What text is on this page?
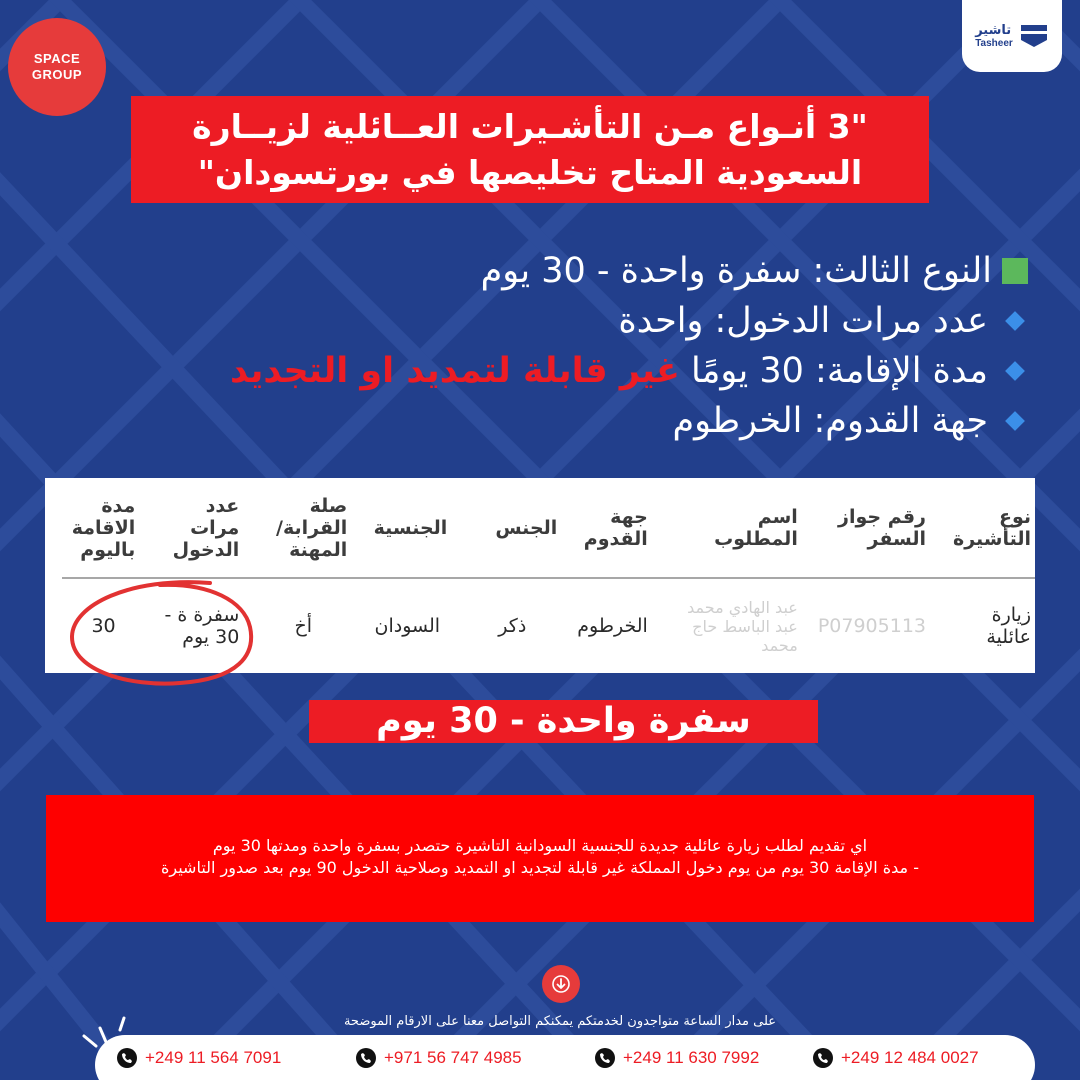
SPACE
GROUP
تاشير
Tasheer
"3 أنـواع مـن التأشـيرات العــائلية لزيــارة
السعودية المتاح تخليصها في بورتسودان"
النوع الثالث: سفرة واحدة - 30 يوم
عدد مرات الدخول: واحدة
مدة الإقامة: 30 يومًا غير قابلة لتمديد او التجديد
جهة القدوم: الخرطوم
نوع التأشيرة	رقم جواز السفر	اسم المطلوب	جهة القدوم	الجنس	الجنسية	صلة القرابة/ المهنة	عدد مرات الدخول	مدة الاقامة باليوم
زيارة عائلية	P07905113	عبد الهادي محمد عبد الباسط حاج محمد	الخرطوم	ذكر	السودان	أخ	سفرة ة - 30 يوم	30
سفرة واحدة - 30 يوم
اي تقديم لطلب زيارة عائلية جديدة للجنسية السودانية التاشيرة حتصدر بسفرة واحدة ومدتها 30 يوم
- مدة الإقامة 30 يوم من يوم دخول المملكة غير قابلة لتجديد او التمديد وصلاحية الدخول 90 يوم بعد صدور التاشيرة
على مدار الساعة متواجدون لخدمتكم يمكنكم التواصل معنا على الارقام الموضحة
+249 11 564 7091	+971 56 747 4985	+249 11 630 7992	+249 12 484 0027
